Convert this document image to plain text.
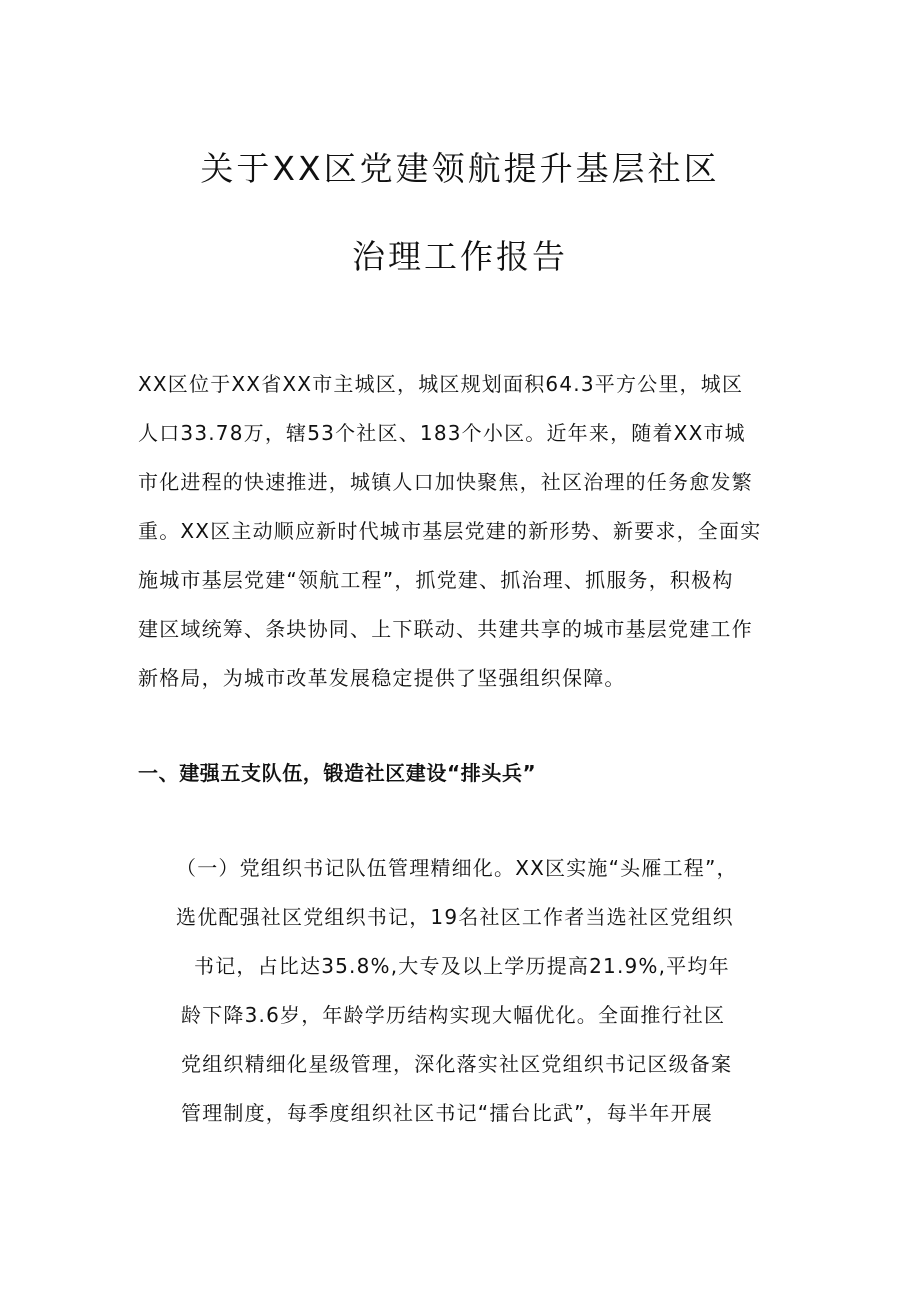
关于XX区党建领航提升基层社区
治理工作报告

XX区位于XX省XX市主城区，城区规划面积64.3平方公里，城区

人口33.78万，辖53个社区、183个小区。近年来，随着XX市城

市化进程的快速推进，城镇人口加快聚焦，社区治理的任务愈发繁

重。XX区主动顺应新时代城市基层党建的新形势、新要求，全面实

施城市基层党建“领航工程”，抓党建、抓治理、抓服务，积极构

建区域统筹、条块协同、上下联动、共建共享的城市基层党建工作

新格局，为城市改革发展稳定提供了坚强组织保障。

一、建强五支队伍，锻造社区建设“排头兵”

（一）党组织书记队伍管理精细化。XX区实施“头雁工程”，

选优配强社区党组织书记，19名社区工作者当选社区党组织

书记，占比达35.8%,大专及以上学历提高21.9%,平均年

龄下降3.6岁，年龄学历结构实现大幅优化。全面推行社区

党组织精细化星级管理，深化落实社区党组织书记区级备案

管理制度，每季度组织社区书记“擂台比武”，每半年开展
